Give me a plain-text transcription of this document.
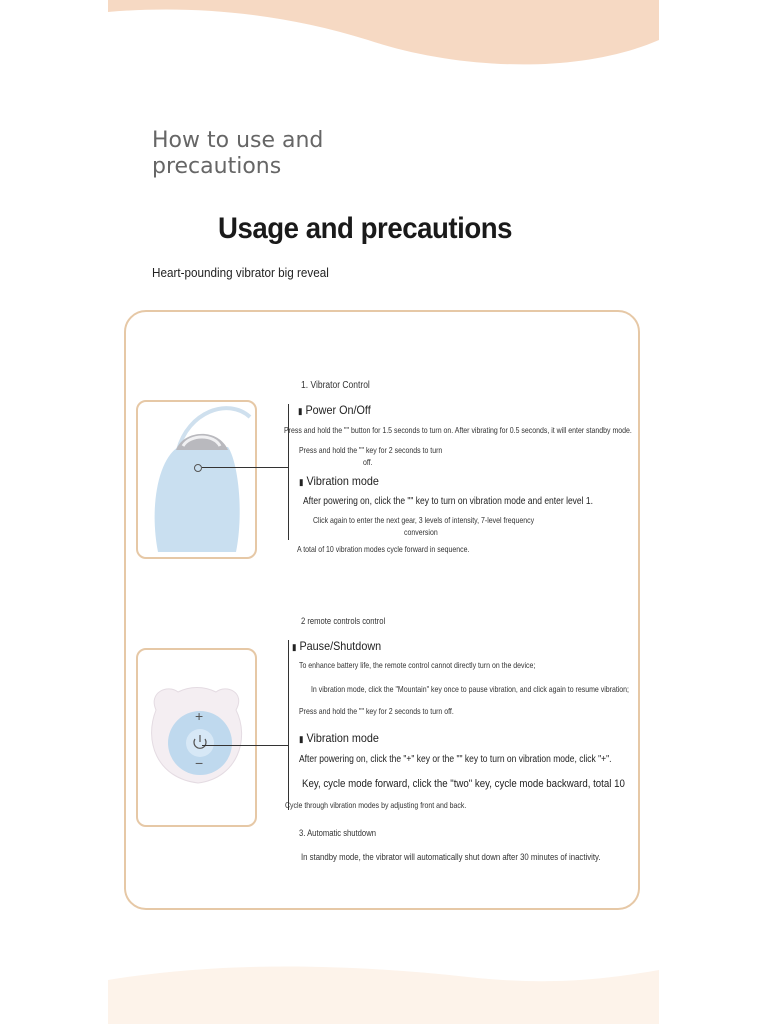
How to use and
precautions
Usage and precautions
Heart-pounding vibrator big reveal
+
−
1. Vibrator Control
▮ Power On/Off
Press and hold the "" button for 1.5 seconds to turn on. After vibrating for 0.5 seconds, it will enter standby mode.
Press and hold the "" key for 2 seconds to turn
off.
▮ Vibration mode
After powering on, click the "" key to turn on vibration mode and enter level 1.
Click again to enter the next gear, 3 levels of intensity, 7-level frequency
conversion
A total of 10 vibration modes cycle forward in sequence.
2 remote controls control
▮ Pause/Shutdown
To enhance battery life, the remote control cannot directly turn on the device;
In vibration mode, click the "Mountain" key once to pause vibration, and click again to resume vibration;
Press and hold the "" key for 2 seconds to turn off.
▮ Vibration mode
After powering on, click the "+" key or the "" key to turn on vibration mode, click "+".
Key, cycle mode forward, click the "two" key, cycle mode backward, total 10
Cycle through vibration modes by adjusting front and back.
3. Automatic shutdown
In standby mode, the vibrator will automatically shut down after 30 minutes of inactivity.
